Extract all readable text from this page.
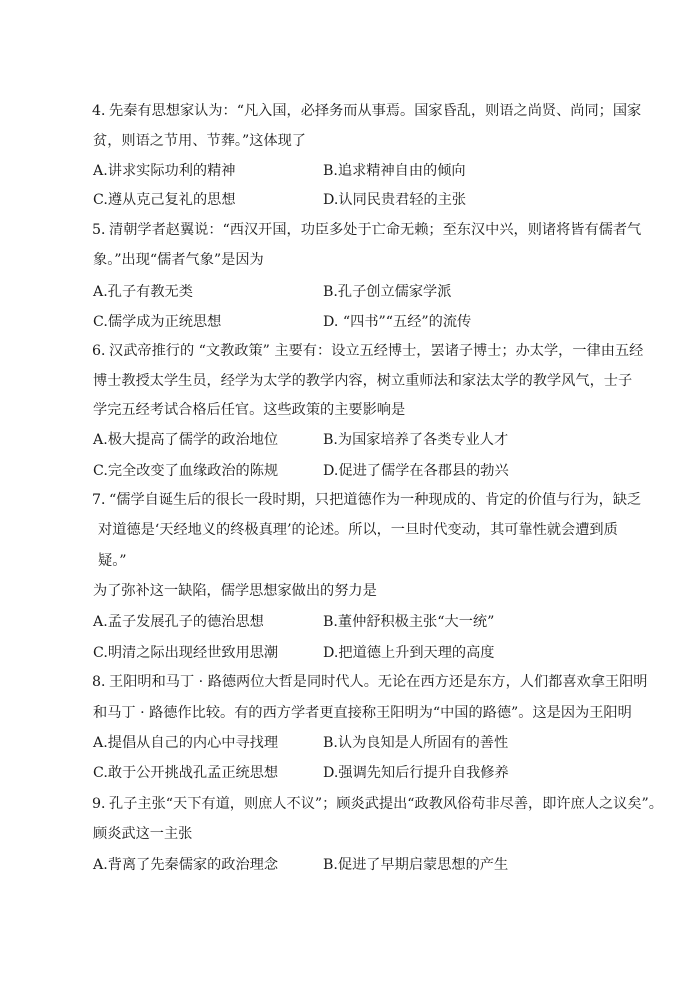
4．
先秦有思想家认为：“凡入国，必择务而从事焉。国家昏乱，则语之尚贤、尚同；国家
贫，则语之节用、节葬。”这体现了
A.讲求实际功利的精神	B.追求精神自由的倾向
C.遵从克己复礼的思想	D.认同民贵君轻的主张
5．
清朝学者赵翼说：“西汉开国，功臣多处于亡命无赖；至东汉中兴，则诸将皆有儒者气
象。”出现“儒者气象”是因为
A.孔子有教无类	B.孔子创立儒家学派
C.儒学成为正统思想	D. “四书”“五经”的流传
6．
汉武帝推行的 “文教政策” 主要有：设立五经博士，罢诸子博士；办太学，一律由五经
博士教授太学生员，经学为太学的教学内容，树立重师法和家法太学的教学风气，士子
学完五经考试合格后任官。这些政策的主要影响是
A.极大提高了儒学的政治地位	B.为国家培养了各类专业人才
C.完全改变了血缘政治的陈规	D.促进了儒学在各郡县的勃兴
7．
“儒学自诞生后的很长一段时期，只把道德作为一种现成的、肯定的价值与行为，缺乏
对道德是‘天经地义的终极真理’的论述。所以，一旦时代变动，其可靠性就会遭到质
疑。”
为了弥补这一缺陷，儒学思想家做出的努力是
A.孟子发展孔子的德治思想	B.董仲舒积极主张“大一统”
C.明清之际出现经世致用思潮	D.把道德上升到天理的高度
8．
王阳明和马丁 · 路德两位大哲是同时代人。无论在西方还是东方，人们都喜欢拿王阳明
和马丁 · 路德作比较。有的西方学者更直接称王阳明为“中国的路德”。这是因为王阳明
A.提倡从自己的内心中寻找理	B.认为良知是人所固有的善性
C.敢于公开挑战孔孟正统思想	D.强调先知后行提升自我修养
9．
孔子主张“天下有道，则庶人不议”；顾炎武提出“政教风俗苟非尽善，即许庶人之议矣”。
顾炎武这一主张
A.背离了先秦儒家的政治理念	B.促进了早期启蒙思想的产生
